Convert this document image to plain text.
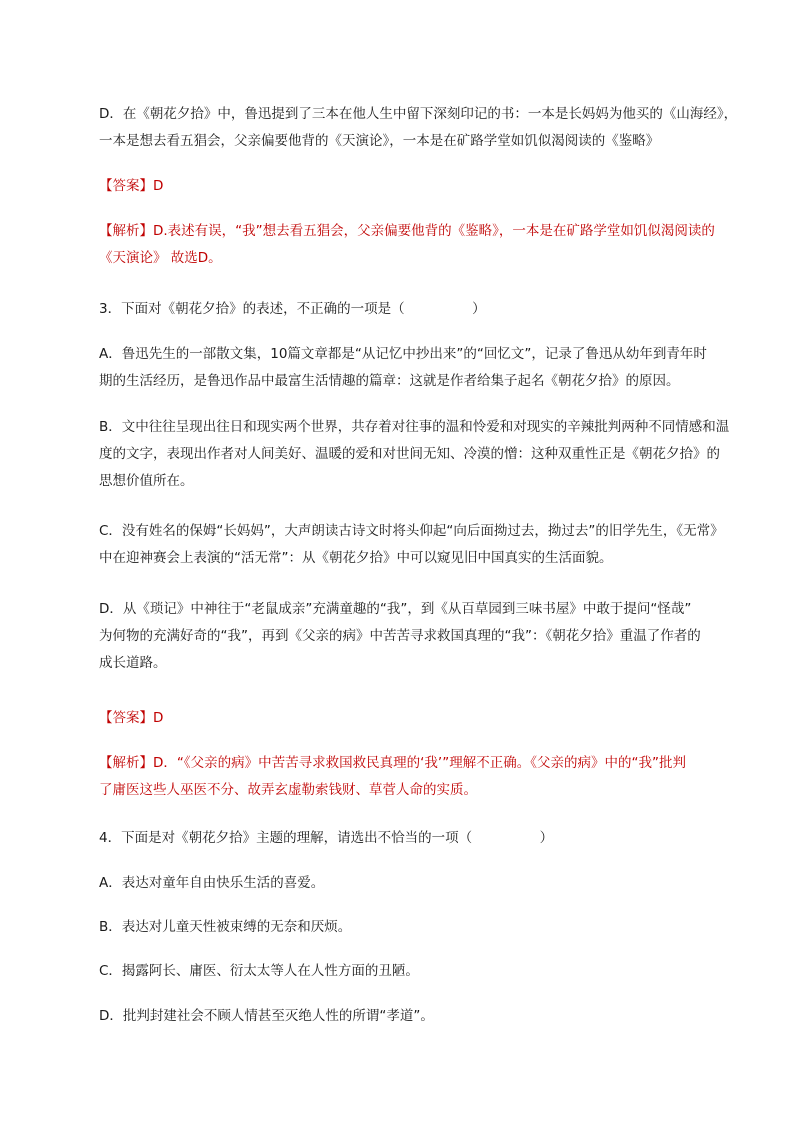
D．在《朝花夕拾》中，鲁迅提到了三本在他人生中留下深刻印记的书：一本是长妈妈为他买的《山海经》，

一本是想去看五猖会，父亲偏要他背的《天演论》，一本是在矿路学堂如饥似渴阅读的《鉴略》

【答案】D

【解析】D.表述有误，“我”想去看五猖会，父亲偏要他背的《鉴略》，一本是在矿路学堂如饥似渴阅读的

《天演论》 故选D。

3．下面对《朝花夕拾》的表述，不正确的一项是（　　　　　）

A．鲁迅先生的一部散文集，10篇文章都是“从记忆中抄出来”的“回忆文”，记录了鲁迅从幼年到青年时

期的生活经历，是鲁迅作品中最富生活情趣的篇章：这就是作者给集子起名《朝花夕拾》的原因。

B．文中往往呈现出往日和现实两个世界，共存着对往事的温和怜爱和对现实的辛辣批判两种不同情感和温

度的文字，表现出作者对人间美好、温暖的爱和对世间无知、冷漠的憎：这种双重性正是《朝花夕拾》的

思想价值所在。

C．没有姓名的保姆“长妈妈”，大声朗读古诗文时将头仰起“向后面拗过去，拗过去”的旧学先生，《无常》

中在迎神赛会上表演的“活无常”：从《朝花夕拾》中可以窥见旧中国真实的生活面貌。

D．从《琐记》中神往于“老鼠成亲”充满童趣的“我”，到《从百草园到三味书屋》中敢于提问“怪哉”

为何物的充满好奇的“我”，再到《父亲的病》中苦苦寻求救国真理的“我”：《朝花夕拾》重温了作者的

成长道路。

【答案】D

【解析】D．“《父亲的病》中苦苦寻求救国救民真理的‘我’”理解不正确。《父亲的病》中的“我”批判

了庸医这些人巫医不分、故弄玄虚勒索钱财、草菅人命的实质。

4．下面是对《朝花夕拾》主题的理解，请选出不恰当的一项（　　　　　）

A．表达对童年自由快乐生活的喜爱。

B．表达对儿童天性被束缚的无奈和厌烦。

C．揭露阿长、庸医、衍太太等人在人性方面的丑陋。

D．批判封建社会不顾人情甚至灭绝人性的所谓“孝道”。
